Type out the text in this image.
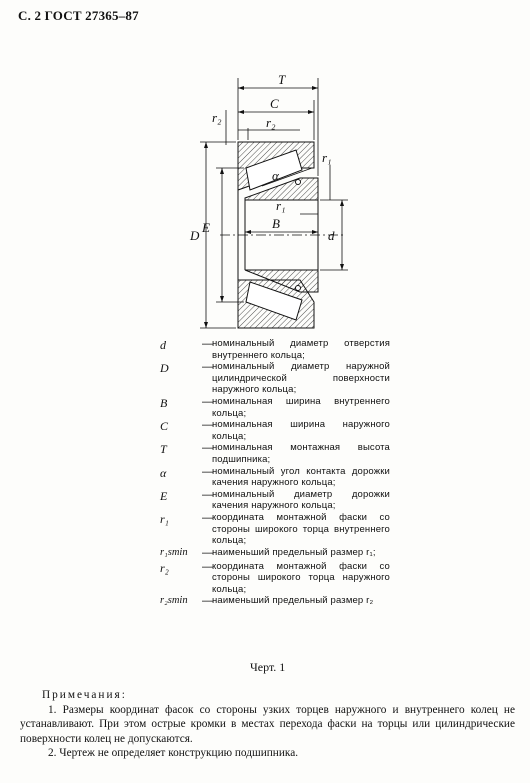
С. 2 ГОСТ 27365–87
T
C
r₂
r₂
r₁
α
r₁
B
D
E
d
d	— номинальный диаметр отверстия внутреннего кольца;
D	— номинальный диаметр наружной цилиндрической поверхности наружного кольца;
B	— номинальная ширина внутреннего кольца;
C	— номинальная ширина наружного кольца;
T	— номинальная монтажная высота подшипника;
α	— номинальный угол контакта дорожки качения наружного кольца;
E	— номинальный диаметр дорожки качения наружного кольца;
r₁	— координата монтажной фаски со стороны широкого торца внутреннего кольца;
r₁smin	— наименьший предельный размер r₁;
r₂	— координата монтажной фаски со стороны широкого торца наружного кольца;
r₂smin	— наименьший предельный размер r₂
Черт. 1

Примечания:

1. Размеры координат фасок со стороны узких торцев наружного и внутреннего колец не устанавливают. При этом острые кромки в местах перехода фаски на торцы или цилиндрические поверхности колец не допускаются.

2. Чертеж не определяет конструкцию подшипника.
